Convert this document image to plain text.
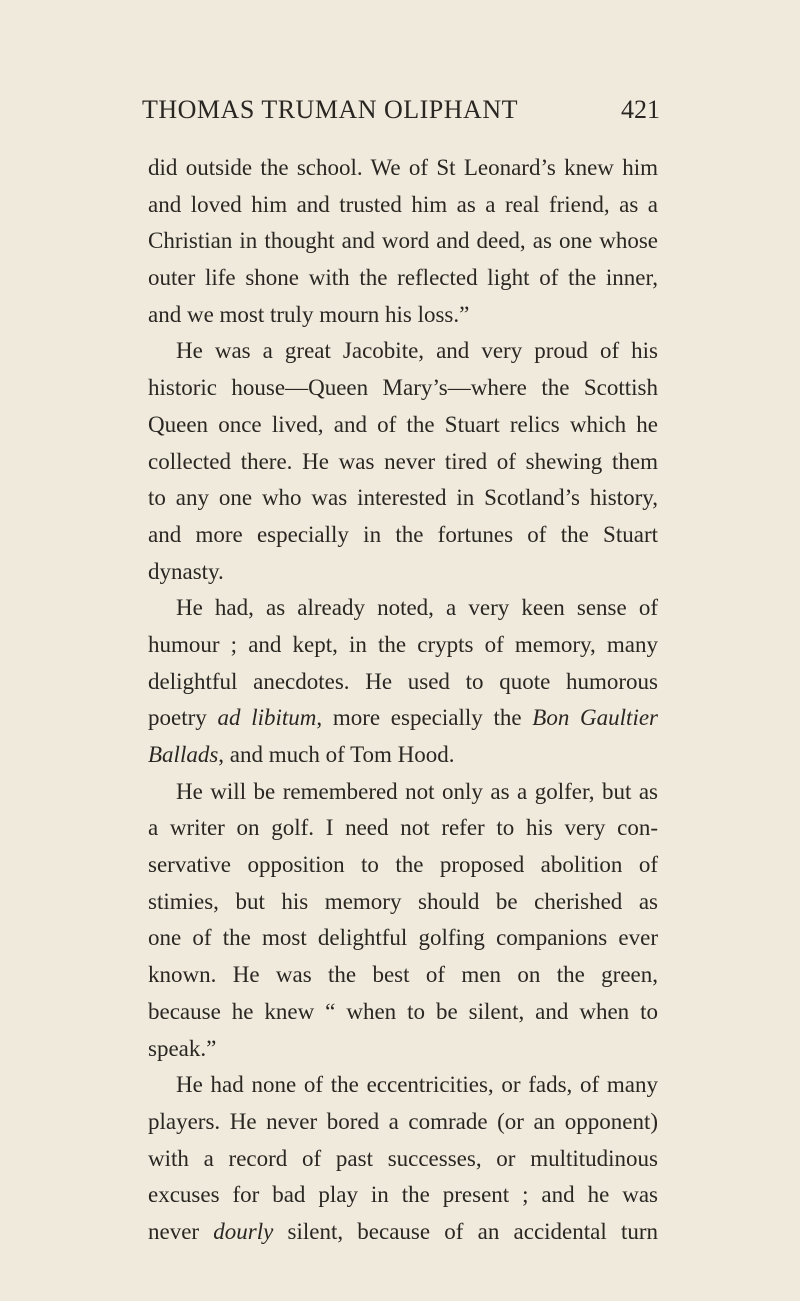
THOMAS TRUMAN OLIPHANT	421
did outside the school. We of St Leonard’s knew him
and loved him and trusted him as a real friend, as a
Christian in thought and word and deed, as one whose
outer life shone with the reflected light of the inner,
and we most truly mourn his loss.”
He was a great Jacobite, and very proud of his
historic house—Queen Mary’s—where the Scottish
Queen once lived, and of the Stuart relics which he
collected there. He was never tired of shewing them
to any one who was interested in Scotland’s history,
and more especially in the fortunes of the Stuart
dynasty.
He had, as already noted, a very keen sense of
humour ; and kept, in the crypts of memory, many
delightful anecdotes. He used to quote humorous
poetry ad libitum, more especially the Bon Gaultier
Ballads, and much of Tom Hood.
He will be remembered not only as a golfer, but as
a writer on golf. I need not refer to his very con-
servative opposition to the proposed abolition of
stimies, but his memory should be cherished as
one of the most delightful golfing companions ever
known. He was the best of men on the green,
because he knew “ when to be silent, and when to
speak.”
He had none of the eccentricities, or fads, of many
players. He never bored a comrade (or an opponent)
with a record of past successes, or multitudinous
excuses for bad play in the present ; and he was
never dourly silent, because of an accidental turn
